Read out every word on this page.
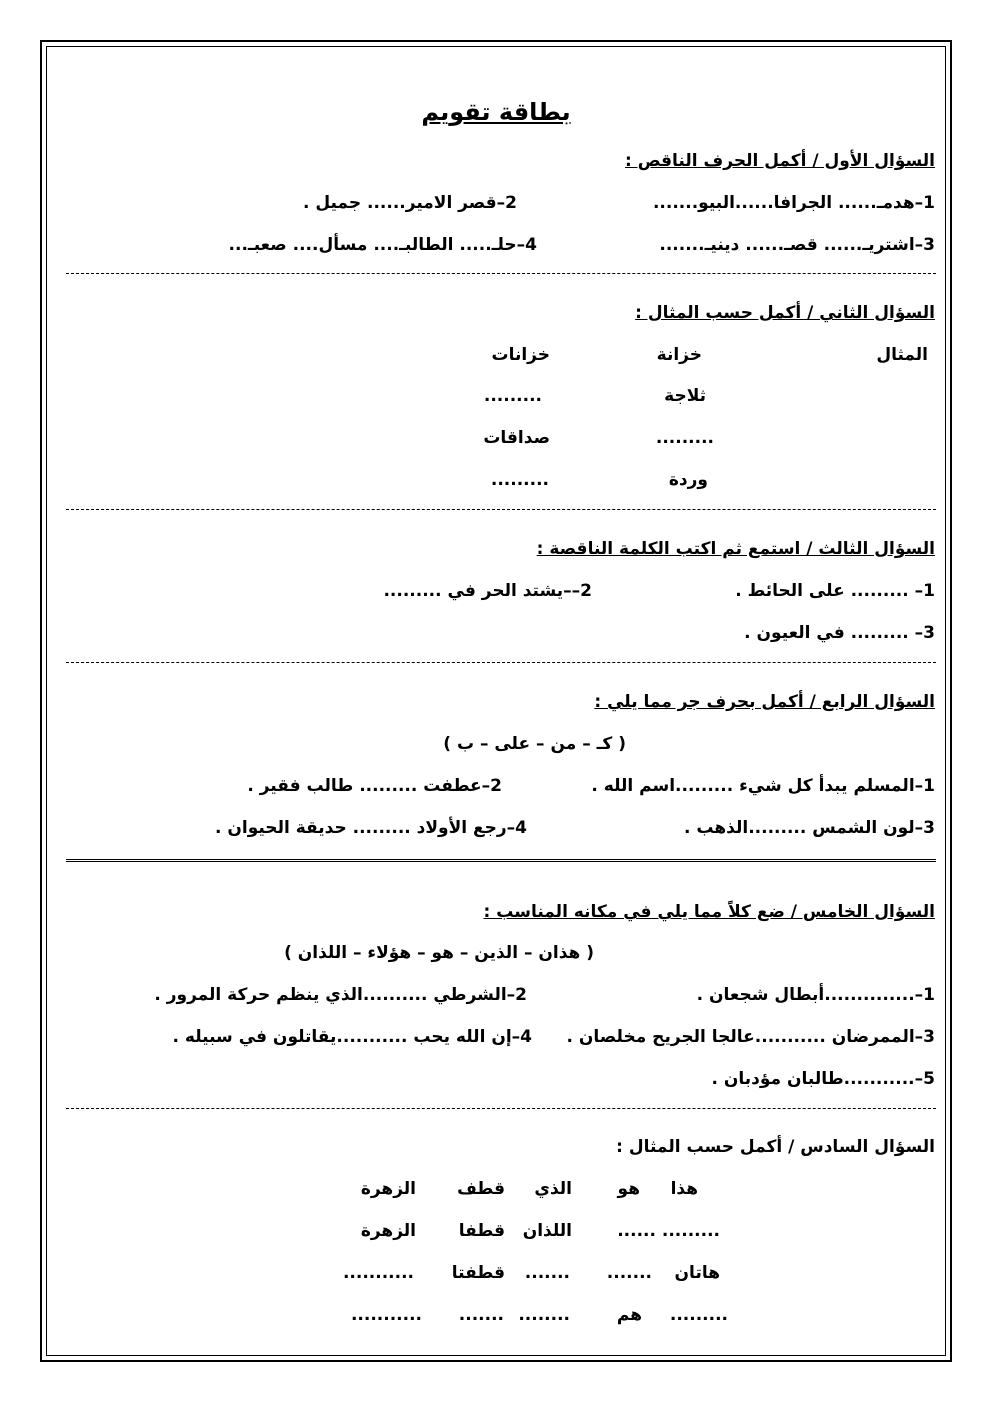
بطاقة تقويم
السؤال الأول / أكمل الحرف الناقص :
1–هدمـ...... الجرافا......البيو.......
2–قصر الامير...... جميل .
3–اشتريـ...... قصـ...... دينيـ.......
4–حلـ..... الطالبـ.... مسأل.... صعبـ...
السؤال الثاني / أكمل حسب المثال :
المثال
خزانة
خزانات
ثلاجة
.........
.........
صداقات
وردة
.........
السؤال الثالث / استمع ثم اكتب الكلمة الناقصة :
1– ......... على الحائط .
2––يشتد الحر في .........
3– ......... في العيون .
السؤال الرابع / أكمل بحرف جر مما يلي :
( كـ – من – على – ب )
1–المسلم يبدأ كل شيء .........اسم الله .
2–عطفت ......... طالب فقير .
3–لون الشمس .........الذهب .
4–رجع الأولاد ......... حديقة الحيوان .
السؤال الخامس / ضع كلاً مما يلي في مكانه المناسب :
( هذان – الذين – هو – هؤلاء – اللذان )
1–..............أبطال شجعان .
2–الشرطي ..........الذي ينظم حركة المرور .
3–الممرضان ...........عالجا الجريح مخلصان .
4–إن الله يحب ...........يقاتلون في سبيله .
5–...........طالبان مؤدبان .
السؤال السادس / أكمل حسب المثال :
هذا
هو
الذي
قطف
الزهرة
......... ......
اللذان
قطفا
الزهرة
هاتان
.......
.......
قطفتا
...........
.........
هم
........
.......
...........
